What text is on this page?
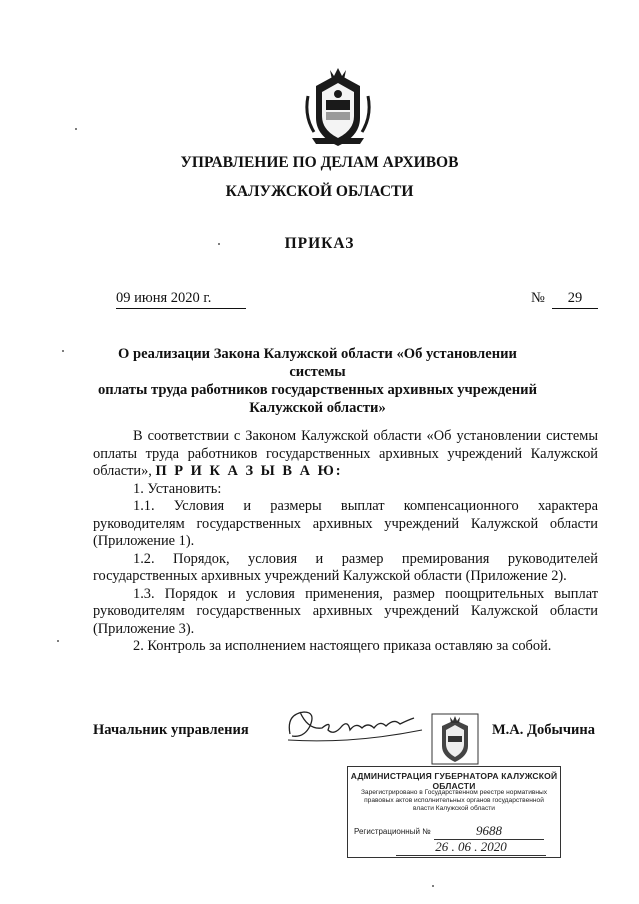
УПРАВЛЕНИЕ ПО ДЕЛАМ АРХИВОВ
КАЛУЖСКОЙ ОБЛАСТИ
ПРИКАЗ
09 июня 2020 г.	№	29
О реализации Закона Калужской области «Об установлении системы
оплаты труда работников государственных архивных учреждений
Калужской области»

В соответствии с Законом Калужской области «Об установлении системы оплаты труда работников государственных архивных учреждений Калужской области», П Р И К А З Ы В А Ю:

1. Установить:

1.1. Условия и размеры выплат компенсационного характера руководителям государственных архивных учреждений Калужской области (Приложение 1).

1.2. Порядок, условия и размер премирования руководителей государственных архивных учреждений Калужской области (Приложение 2).

1.3. Порядок и условия применения, размер поощрительных выплат руководителям государственных архивных учреждений Калужской области (Приложение 3).

2. Контроль за исполнением настоящего приказа оставляю за собой.

Начальник управления	М.А. Добычина
АДМИНИСТРАЦИЯ ГУБЕРНАТОРА КАЛУЖСКОЙ ОБЛАСТИ
Зарегистрировано в Государственном реестре нормативных правовых актов исполнительных органов государственной власти Калужской области
Регистрационный №	9688
26 . 06 . 2020
